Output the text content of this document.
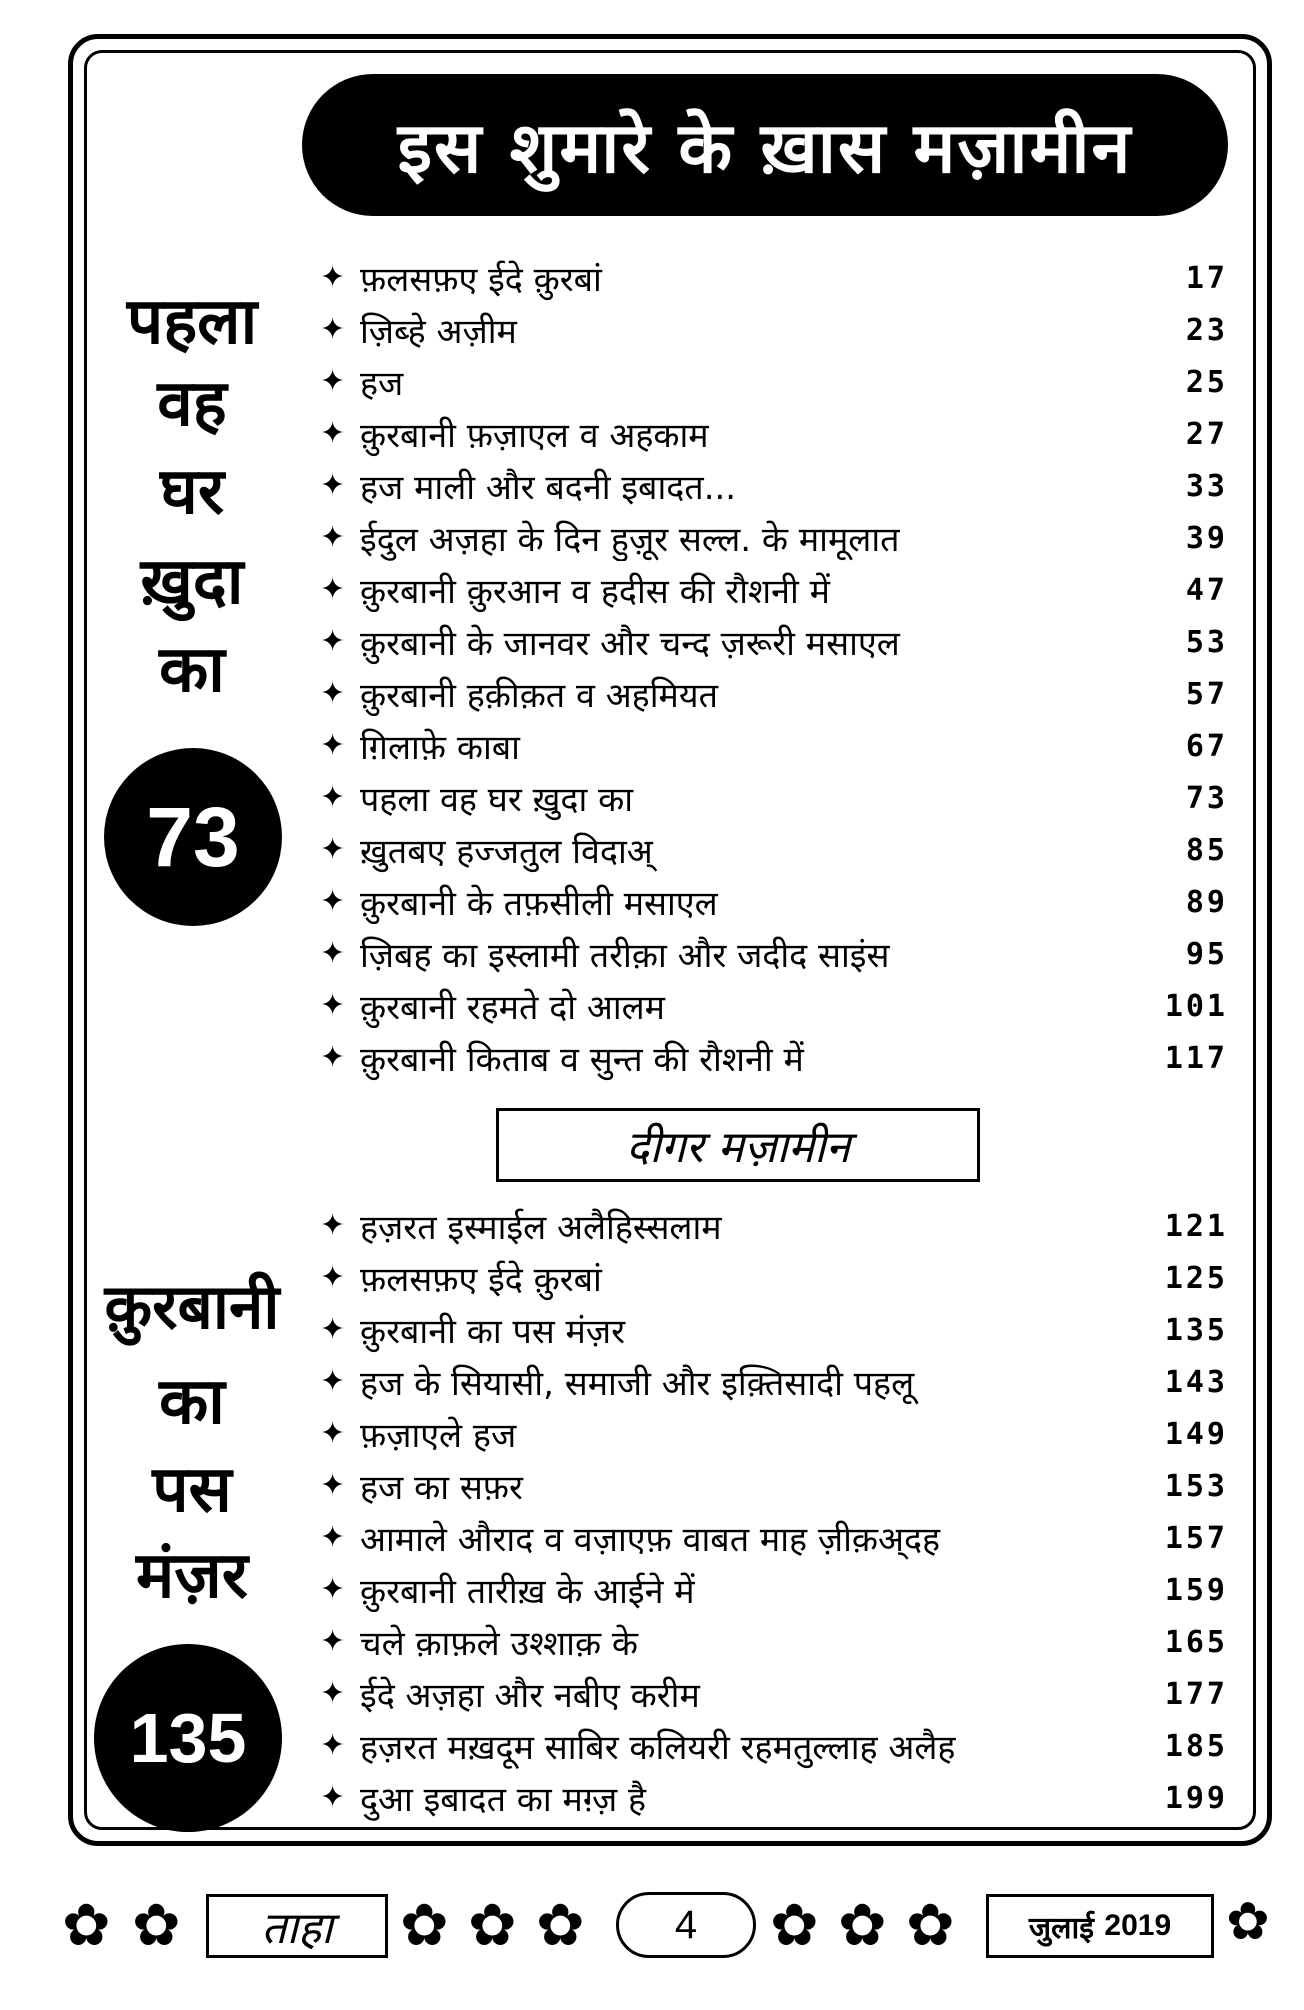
इस शुमारे के ख़ास मज़ामीन
पहला
वह
घर
ख़ुदा
का
73
क़ुरबानी
का
पस
मंज़र
135
✦ फ़लसफ़ए ईदे क़ुरबां	17
✦ ज़िब्हे अज़ीम	23
✦ हज	25
✦ क़ुरबानी फ़ज़ाएल व अहकाम	27
✦ हज माली और बदनी इबादत...	33
✦ ईदुल अज़हा के दिन हुज़ूर सल्ल. के मामूलात	39
✦ क़ुरबानी क़ुरआन व हदीस की रौशनी में	47
✦ क़ुरबानी के जानवर और चन्द ज़रूरी मसाएल	53
✦ क़ुरबानी हक़ीक़त व अहमियत	57
✦ ग़िलाफ़े काबा	67
✦ पहला वह घर ख़ुदा का	73
✦ ख़ुतबए हज्जतुल विदाअ्	85
✦ क़ुरबानी के तफ़सीली मसाएल	89
✦ ज़िबह का इस्लामी तरीक़ा और जदीद साइंस	95
✦ क़ुरबानी रहमते दो आलम	101
✦ क़ुरबानी किताब व सुन्त की रौशनी में	117
दीगर मज़ामीन
✦ हज़रत इस्माईल अलैहिस्सलाम	121
✦ फ़लसफ़ए ईदे क़ुरबां	125
✦ क़ुरबानी का पस मंज़र	135
✦ हज के सियासी, समाजी और इक़्तिसादी पहलू	143
✦ फ़ज़ाएले हज	149
✦ हज का सफ़र	153
✦ आमाले औराद व वज़ाएफ़ वाबत माह ज़ीक़अ्दह	157
✦ क़ुरबानी तारीख़ के आईने में	159
✦ चले क़ाफ़ले उश्शाक़ के	165
✦ ईदे अज़हा और नबीए करीम	177
✦ हज़रत मख़दूम साबिर कलियरी रहमतुल्लाह अलैह	185
✦ दुआ इबादत का मग़्ज़ है	199
✿ ✿	ताहा	✿ ✿ ✿	4	✿ ✿ ✿ जुलाई
2019 ✿
